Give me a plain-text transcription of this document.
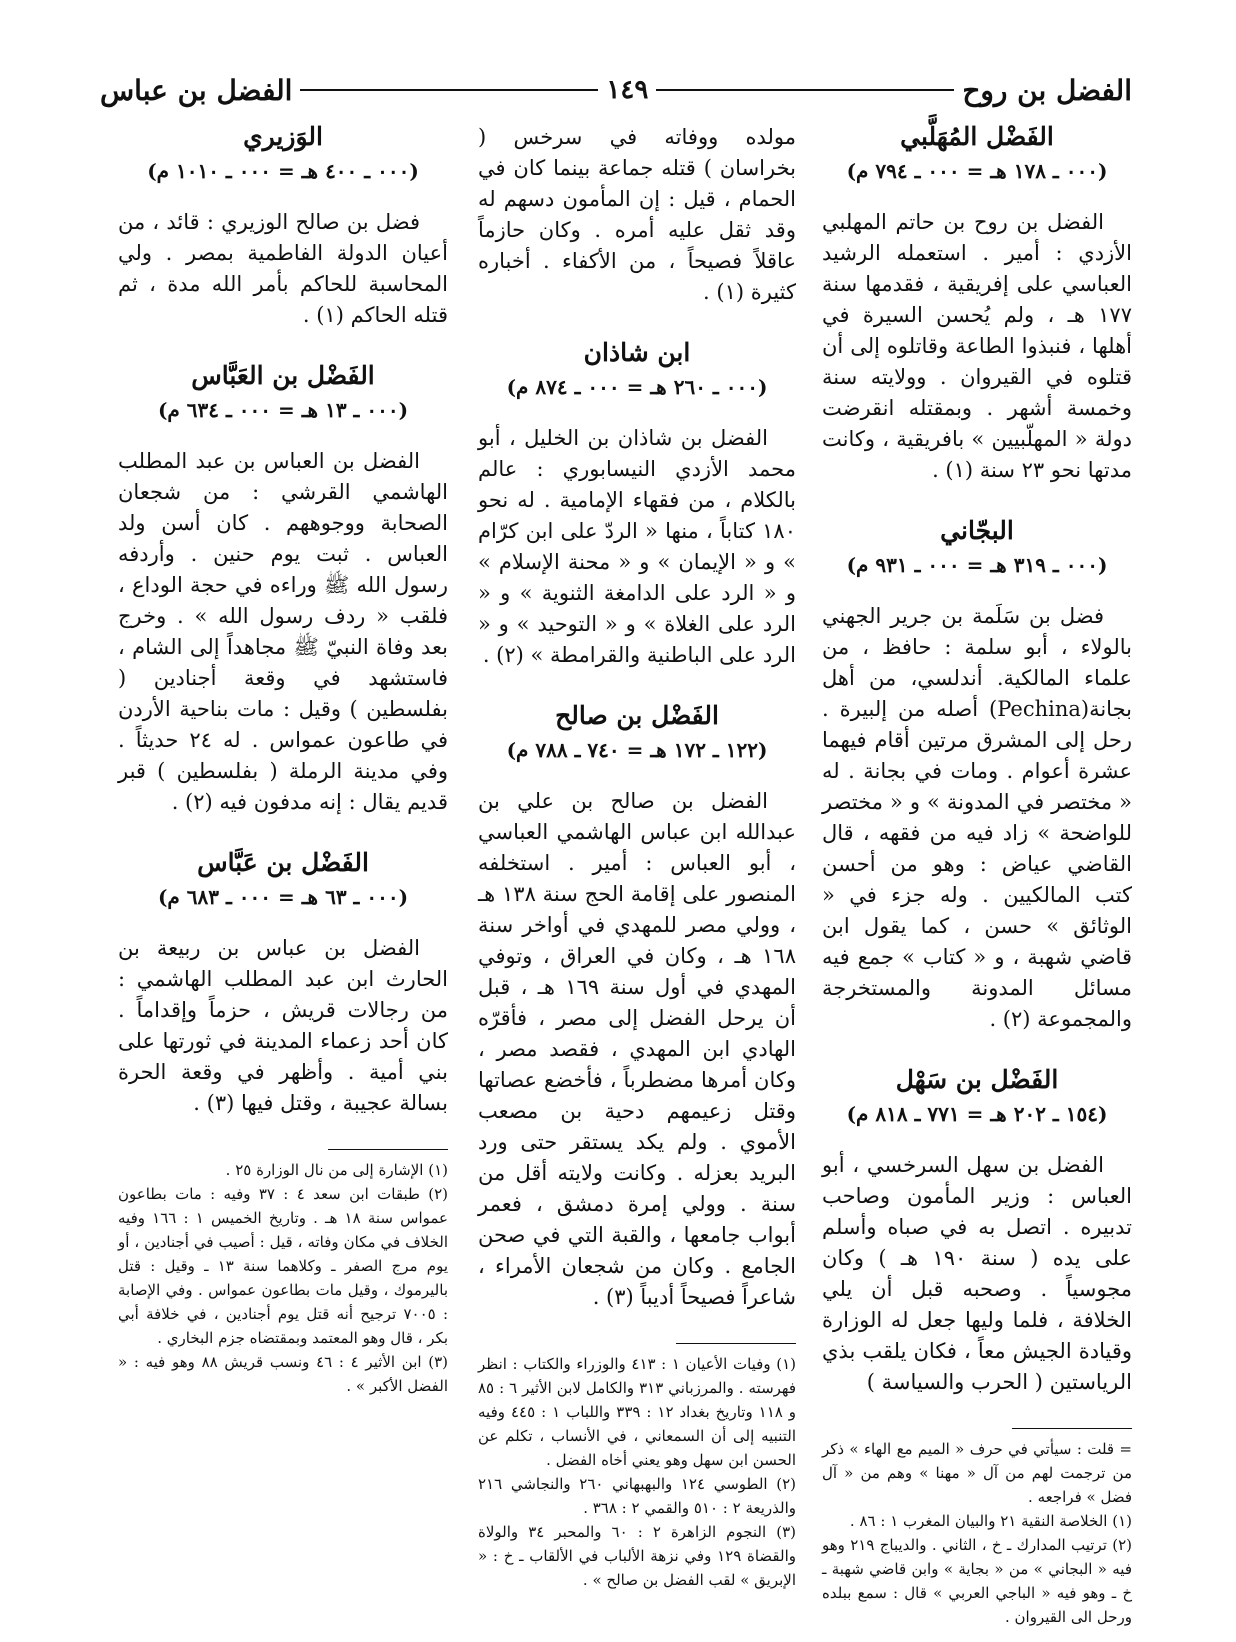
الفضل بن روح
١٤٩
الفضل بن عباس
الفَضْل المُهَلَّبي
(٠٠٠ ـ ١٧٨ هـ = ٠٠٠ ـ ٧٩٤ م)

الفضل بن روح بن حاتم المهلبي الأزدي : أمير . استعمله الرشيد العباسي على إفريقية ، فقدمها سنة ١٧٧ هـ ، ولم يُحسن السيرة في أهلها ، فنبذوا الطاعة وقاتلوه إلى أن قتلوه في القيروان . وولايته سنة وخمسة أشهر . وبمقتله انقرضت دولة « المهلّبيين » بافريقية ، وكانت مدتها نحو ٢٣ سنة (١) .

البجّاني
(٠٠٠ ـ ٣١٩ هـ = ٠٠٠ ـ ٩٣١ م)

فضل بن سَلَمة بن جرير الجهني بالولاء ، أبو سلمة : حافظ ، من علماء المالكية. أندلسي، من أهل بجانة(Pechina) أصله من إلبيرة . رحل إلى المشرق مرتين أقام فيهما عشرة أعوام . ومات في بجانة . له « مختصر في المدونة » و « مختصر للواضحة » زاد فيه من فقهه ، قال القاضي عياض : وهو من أحسن كتب المالكيين . وله جزء في « الوثائق » حسن ، كما يقول ابن قاضي شهبة ، و « كتاب » جمع فيه مسائل المدونة والمستخرجة والمجموعة (٢) .

الفَضْل بن سَهْل
(١٥٤ ـ ٢٠٢ هـ = ٧٧١ ـ ٨١٨ م)

الفضل بن سهل السرخسي ، أبو العباس : وزير المأمون وصاحب تدبيره . اتصل به في صباه وأسلم على يده ( سنة ١٩٠ هـ ) وكان مجوسياً . وصحبه قبل أن يلي الخلافة ، فلما وليها جعل له الوزارة وقيادة الجيش معاً ، فكان يلقب بذي الرياستين ( الحرب والسياسة )

= قلت : سيأتي في حرف « الميم مع الهاء » ذكر من ترجمت لهم من آل « مهنا » وهم من « آل فضل » فراجعه .

(١) الخلاصة النقية ٢١ والبيان المغرب ١ : ٨٦ .

(٢) ترتيب المدارك ـ خ ، الثاني . والديباج ٢١٩ وهو فيه « البجاني » من « بجاية » وابن قاضي شهبة ـ خ ـ وهو فيه « الباجي العربي » قال : سمع ببلده ورحل الى القيروان .

مولده ووفاته في سرخس ( بخراسان ) قتله جماعة بينما كان في الحمام ، قيل : إن المأمون دسهم له وقد ثقل عليه أمره . وكان حازماً عاقلاً فصيحاً ، من الأكفاء . أخباره كثيرة (١) .

ابن شاذان
(٠٠٠ ـ ٢٦٠ هـ = ٠٠٠ ـ ٨٧٤ م)

الفضل بن شاذان بن الخليل ، أبو محمد الأزدي النيسابوري : عالم بالكلام ، من فقهاء الإمامية . له نحو ١٨٠ كتاباً ، منها « الردّ على ابن كرّام » و « الإيمان » و « محنة الإسلام » و « الرد على الدامغة الثنوية » و « الرد على الغلاة » و « التوحيد » و « الرد على الباطنية والقرامطة » (٢) .

الفَضْل بن صالح
(١٢٢ ـ ١٧٢ هـ = ٧٤٠ ـ ٧٨٨ م)

الفضل بن صالح بن علي بن عبدالله ابن عباس الهاشمي العباسي ، أبو العباس : أمير . استخلفه المنصور على إقامة الحج سنة ١٣٨ هـ ، وولي مصر للمهدي في أواخر سنة ١٦٨ هـ ، وكان في العراق ، وتوفي المهدي في أول سنة ١٦٩ هـ ، قبل أن يرحل الفضل إلى مصر ، فأقرّه الهادي ابن المهدي ، فقصد مصر ، وكان أمرها مضطرباً ، فأخضع عصاتها وقتل زعيمهم دحية بن مصعب الأموي . ولم يكد يستقر حتى ورد البريد بعزله . وكانت ولايته أقل من سنة . وولي إمرة دمشق ، فعمر أبواب جامعها ، والقبة التي في صحن الجامع . وكان من شجعان الأمراء ، شاعراً فصيحاً أديباً (٣) .

(١) وفيات الأعيان ١ : ٤١٣ والوزراء والكتاب : انظر فهرسته . والمرزباني ٣١٣ والكامل لابن الأثير ٦ : ٨٥ و ١١٨ وتاريخ بغداد ١٢ : ٣٣٩ واللباب ١ : ٤٤٥ وفيه التنبيه إلى أن السمعاني ، في الأنساب ، تكلم عن الحسن ابن سهل وهو يعني أخاه الفضل .

(٢) الطوسي ١٢٤ والبهبهاني ٢٦٠ والنجاشي ٢١٦ والذريعة ٢ : ٥١٠ والقمي ٢ : ٣٦٨ .

(٣) النجوم الزاهرة ٢ : ٦٠ والمحبر ٣٤ والولاة والقضاة ١٢٩ وفي نزهة الألباب في الألقاب ـ خ : « الإبريق » لقب الفضل بن صالح » .

الوَزيري
(٠٠٠ ـ ٤٠٠ هـ = ٠٠٠ ـ ١٠١٠ م)

فضل بن صالح الوزيري : قائد ، من أعيان الدولة الفاطمية بمصر . ولي المحاسبة للحاكم بأمر الله مدة ، ثم قتله الحاكم (١) .

الفَضْل بن العَبَّاس
(٠٠٠ ـ ١٣ هـ = ٠٠٠ ـ ٦٣٤ م)

الفضل بن العباس بن عبد المطلب الهاشمي القرشي : من شجعان الصحابة ووجوههم . كان أسن ولد العباس . ثبت يوم حنين . وأردفه رسول الله ﷺ وراءه في حجة الوداع ، فلقب « ردف رسول الله » . وخرج بعد وفاة النبيّ ﷺ مجاهداً إلى الشام ، فاستشهد في وقعة أجنادين ( بفلسطين ) وقيل : مات بناحية الأردن في طاعون عمواس . له ٢٤ حديثاً . وفي مدينة الرملة ( بفلسطين ) قبر قديم يقال : إنه مدفون فيه (٢) .

الفَضْل بن عَبَّاس
(٠٠٠ ـ ٦٣ هـ = ٠٠٠ ـ ٦٨٣ م)

الفضل بن عباس بن ربيعة بن الحارث ابن عبد المطلب الهاشمي : من رجالات قريش ، حزماً وإقداماً . كان أحد زعماء المدينة في ثورتها على بني أمية . وأظهر في وقعة الحرة بسالة عجيبة ، وقتل فيها (٣) .

(١) الإشارة إلى من نال الوزارة ٢٥ .

(٢) طبقات ابن سعد ٤ : ٣٧ وفيه : مات بطاعون عمواس سنة ١٨ هـ . وتاريخ الخميس ١ : ١٦٦ وفيه الخلاف في مكان وفاته ، قيل : أصيب في أجنادين ، أو يوم مرج الصفر ـ وكلاهما سنة ١٣ ـ وقيل : قتل باليرموك ، وقيل مات بطاعون عمواس . وفي الإصابة : ٧٠٠٥ ترجيح أنه قتل يوم أجنادين ، في خلافة أبي بكر ، قال وهو المعتمد وبمقتضاه جزم البخاري .

(٣) ابن الأثير ٤ : ٤٦ ونسب قريش ٨٨ وهو فيه : « الفضل الأكبر » .
